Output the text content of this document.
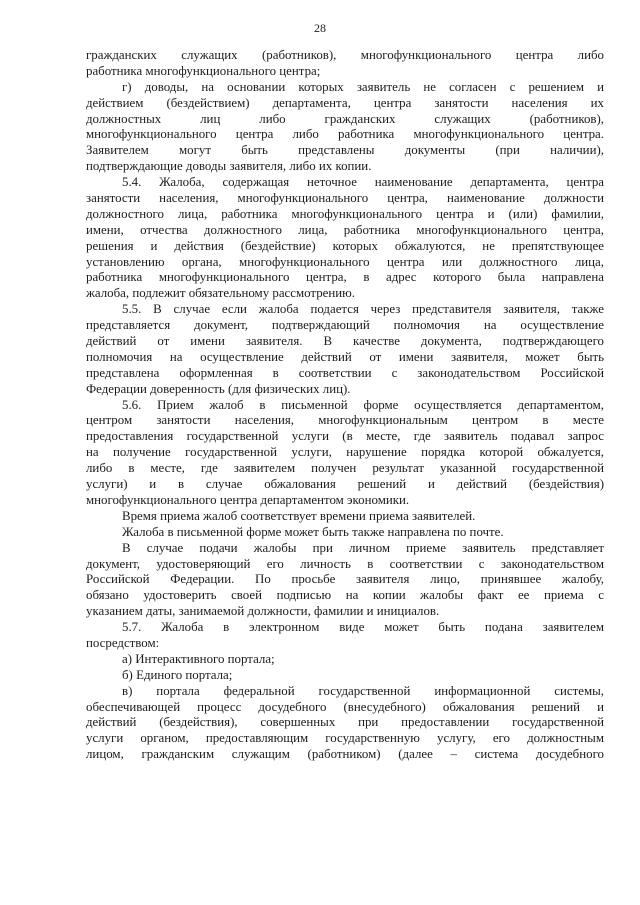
28
гражданских служащих (работников), многофункционального центра либо
работника многофункционального центра;
г) доводы, на основании которых заявитель не согласен с решением и
действием (бездействием) департамента, центра занятости населения их
должностных лиц либо гражданских служащих (работников),
многофункционального центра либо работника многофункционального центра.
Заявителем могут быть представлены документы (при наличии),
подтверждающие доводы заявителя, либо их копии.
5.4. Жалоба, содержащая неточное наименование департамента, центра
занятости населения, многофункционального центра, наименование должности
должностного лица, работника многофункционального центра и (или) фамилии,
имени, отчества должностного лица, работника многофункционального центра,
решения и действия (бездействие) которых обжалуются, не препятствующее
установлению органа, многофункционального центра или должностного лица,
работника многофункционального центра, в адрес которого была направлена
жалоба, подлежит обязательному рассмотрению.
5.5. В случае если жалоба подается через представителя заявителя, также
представляется документ, подтверждающий полномочия на осуществление
действий от имени заявителя. В качестве документа, подтверждающего
полномочия на осуществление действий от имени заявителя, может быть
представлена оформленная в соответствии с законодательством Российской
Федерации доверенность (для физических лиц).
5.6. Прием жалоб в письменной форме осуществляется департаментом,
центром занятости населения, многофункциональным центром в месте
предоставления государственной услуги (в месте, где заявитель подавал запрос
на получение государственной услуги, нарушение порядка которой обжалуется,
либо в месте, где заявителем получен результат указанной государственной
услуги) и в случае обжалования решений и действий (бездействия)
многофункционального центра департаментом экономики.
Время приема жалоб соответствует времени приема заявителей.
Жалоба в письменной форме может быть также направлена по почте.
В случае подачи жалобы при личном приеме заявитель представляет
документ, удостоверяющий его личность в соответствии с законодательством
Российской Федерации. По просьбе заявителя лицо, принявшее жалобу,
обязано удостоверить своей подписью на копии жалобы факт ее приема с
указанием даты, занимаемой должности, фамилии и инициалов.
5.7. Жалоба в электронном виде может быть подана заявителем
посредством:
а) Интерактивного портала;
б) Единого портала;
в) портала федеральной государственной информационной системы,
обеспечивающей процесс досудебного (внесудебного) обжалования решений и
действий (бездействия), совершенных при предоставлении государственной
услуги органом, предоставляющим государственную услугу, его должностным
лицом, гражданским служащим (работником) (далее – система досудебного
